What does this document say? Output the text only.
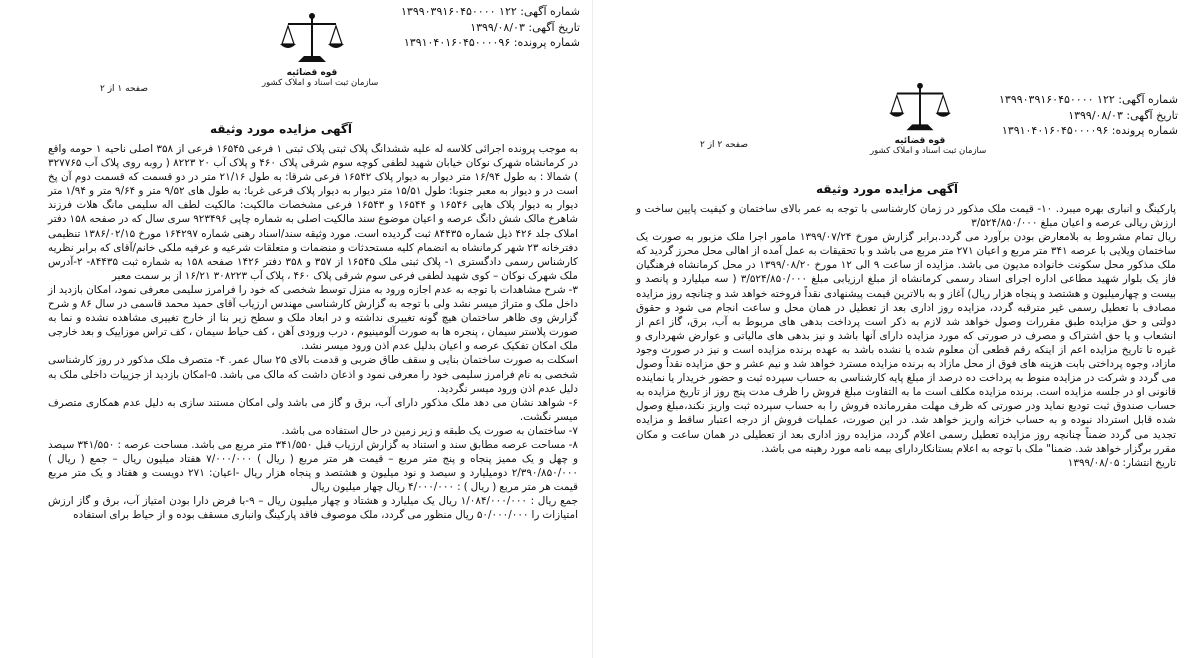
شماره آگهی: ۱۲۲ ۱۳۹۹۰۳۹۱۶۰۴۵۰۰۰۰
تاریخ آگهی: ۱۳۹۹/۰۸/۰۳
شماره پرونده: ۱۳۹۱۰۴۰۱۶۰۴۵۰۰۰۰۹۶
قوه قضائیه
سازمان ثبت اسناد و املاک کشور
صفحه ۱ از ۲
آگهی مزایده مورد وثیقه

به موجب پرونده اجرائی کلاسه له علیه ششدانگ پلاک ثبتی پلاک ثبتی ۱ فرعی ۱۶۵۴۵ فرعی از ۳۵۸ اصلی ناحیه ۱ حومه واقع در کرمانشاه شهرک نوکان خیابان شهید لطفی کوچه سوم شرقی پلاک ۴۶۰ و پلاک آب ۲۰ ۸۲۲۳ ( روبه روی پلاک آب ۳۲۷۷۶۵ ) شمالا : به طول ۱۶/۹۴ متر دیوار به دیوار پلاک ۱۶۵۴۲ فرعی شرقا: به طول ۲۱/۱۶ متر در دو قسمت که قسمت دوم آن پخ است در و دیوار به معبر جنوبا: طول ۱۵/۵۱ متر دیوار به دیوار پلاک فرعی غربا: به طول های ۹/۵۲ متر و ۹/۶۴ متر و ۱/۹۴ متر دیوار به دیوار پلاک هایی ۱۶۵۴۶ و ۱۶۵۴۴ و ۱۶۵۴۳ فرعی مشخصات مالکیت: مالکیت لطف اله سلیمی مانگ هلات فرزند شاهرخ مالک شش دانگ عرصه و اعیان موضوع سند مالکیت اصلی به شماره چاپی ۹۲۳۴۹۶ سری سال که در صفحه ۱۵۸ دفتر املاک جلد ۴۲۶ ذیل شماره ۸۴۴۳۵ ثبت گردیده است. مورد وثیقه سند/اسناد رهنی شماره ۱۶۴۲۹۷ مورخ ۱۳۸۶/۰۲/۱۵ تنظیمی دفترخانه ۲۳ شهر کرمانشاه به انضمام کلیه مستحدثات و منضمات و متعلقات شرعیه و عرفیه ملکی خانم/آقای که برابر نظریه کارشناس رسمی دادگستری ۱- پلاک ثبتی ملک ۱۶۵۴۵ از ۳۵۷ و ۳۵۸ دفتر ۱۴۲۶ صفحه ۱۵۸ به شماره ثبت ۸۴۴۳۵- ۲-آدرس ملک شهرک نوکان – کوی شهید لطفی فرعی سوم شرقی پلاک ۴۶۰ ، پلاک آب ۳۰۸۲۲۳ ۱۶/۲۱ از بر سمت معبر

۳- شرح مشاهدات با توجه به عدم اجازه ورود به منزل توسط شخصی که خود را فرامرز سلیمی معرفی نمود، امکان بازدید از داخل ملک و متراژ میسر نشد ولی با توجه به گزارش کارشناسی مهندس ارزیاب آقای حمید محمد قاسمی در سال ۸۶ و شرح گزارش وی ظاهر ساختمان هیچ گونه تغییری نداشته و در ابعاد ملک و سطح زیر بنا از خارج تغییری مشاهده نشده و نما به صورت پلاستر سیمان ، پنجره ها به صورت آلومینیوم ، درب ورودی آهن ، کف حیاط سیمان ، کف تراس موزاییک و بعد خارجی ملک امکان تفکیک عرصه و اعیان بدلیل عدم اذن ورود میسر نشد.

اسکلت به صورت ساختمان بنایی و سقف طاق ضربی و قدمت بالای ۲۵ سال عمر. ۴- متصرف ملک مذکور در روز کارشناسی شخصی به نام فرامرز سلیمی خود را معرفی نمود و اذعان داشت که مالک می باشد. ۵-امکان بازدید از جزییات داخلی ملک به دلیل عدم اذن ورود میسر نگردید.

۶- شواهد نشان می دهد ملک مذکور دارای آب، برق و گاز می باشد ولی امکان مستند سازی به دلیل عدم همکاری متصرف میسر نگشت.

۷- ساختمان به صورت یک طبقه و زیر زمین در حال استفاده می باشد.

۸- مساحت عرصه مطابق سند و استناد به گزارش ارزیاب قبل ۳۴۱/۵۵۰ متر مربع می باشد. مساحت عرصه : ۳۴۱/۵۵۰ سیصد و چهل و یک ممیز پنجاه و پنج متر مربع – قیمت هر متر مربع ( ریال ) ۷/۰۰۰/۰۰۰ هفتاد میلیون ریال – جمع ( ریال ) ۲/۳۹۰/۸۵۰/۰۰۰ دومیلیارد و سیصد و نود میلیون و هشتصد و پنجاه هزار ریال -اعیان: ۲۷۱ دویست و هفتاد و یک متر مربع قیمت هر متر مربع ( ریال ) : ۴/۰۰۰/۰۰۰ ریال چهار میلیون ریال

جمع ریال : ۱/۰۸۴/۰۰۰/۰۰۰ ریال یک میلیارد و هشتاد و چهار میلیون ریال – ۹-با فرض دارا بودن امتیاز آب، برق و گاز ارزش امتیازات را ۵۰/۰۰۰/۰۰۰ ریال منظور می گردد، ملک موصوف فاقد پارکینگ وانباری مسقف بوده و از حیاط برای استفاده

شماره آگهی: ۱۲۲ ۱۳۹۹۰۳۹۱۶۰۴۵۰۰۰۰
تاریخ آگهی: ۱۳۹۹/۰۸/۰۳
شماره پرونده: ۱۳۹۱۰۴۰۱۶۰۴۵۰۰۰۰۹۶
قوه قضائیه
سازمان ثبت اسناد و املاک کشور
صفحه ۲ از ۲
آگهی مزایده مورد وثیقه

پارکینگ و انباری بهره میبرد. ۱۰- قیمت ملک مذکور در زمان کارشناسی با توجه به عمر بالای ساختمان و کیفیت پایین ساخت و ارزش ریالی عرصه و اعیان مبلغ ۳/۵۲۴/۸۵۰/۰۰۰

ریال تمام مشروط به بلامعارض بودن برآورد می گردد.برابر گزارش مورخ ۱۳۹۹/۰۷/۲۴ مامور اجرا ملک مزبور به صورت یک ساختمان ویلایی با عرصه ۳۴۱ متر مربع و اعیان ۲۷۱ متر مربع می باشد و با تحقیقات به عمل آمده از اهالی محل محرز گردید که ملک مذکور محل سکونت خانواده مدیون می باشد. مزایده از ساعت ۹ الی ۱۲ مورخ ۱۳۹۹/۰۸/۲۰ در محل کرمانشاه فرهنگیان فاز یک بلوار شهید مطاعی اداره اجرای اسناد رسمی کرمانشاه از مبلغ ارزیابی مبلغ ۳/۵۲۴/۸۵۰/۰۰۰ ( سه میلیارد و پانصد و بیست و چهارمیلیون و هشتصد و پنجاه هزار ریال) آغاز و به بالاترین قیمت پیشنهادی نقداً فروخته خواهد شد و چنانچه روز مزایده مصادف با تعطیل رسمی غیر مترقبه گردد، مزایده روز اداری بعد از تعطیل در همان محل و ساعت انجام می شود و حقوق دولتی و حق مزایده طبق مقررات وصول خواهد شد لازم به ذکر است پرداخت بدهی های مربوط به آب، برق، گاز اعم از انشعاب و یا حق اشتراک و مصرف در صورتی که مورد مزایده دارای آنها باشد و نیز بدهی های مالیاتی و عوارض شهرداری و غیره تا تاریخ مزایده اعم از اینکه رقم قطعی آن معلوم شده یا نشده باشد به عهده برنده مزایده است و نیز در صورت وجود مازاد، وجوه پرداختی بابت هزینه های فوق از محل مازاد به برنده مزایده مسترد خواهد شد و نیم عشر و حق مزایده نقداً وصول می گردد و شرکت در مزایده منوط به پرداخت ده درصد از مبلغ پایه کارشناسی به حساب سپرده ثبت و حضور خریدار یا نماینده قانونی او در جلسه مزایده است. برنده مزایده مکلف است ما به التفاوت مبلغ فروش را ظرف مدت پنج روز از تاریخ مزایده به حساب صندوق ثبت تودیع نماید ودر صورتی که ظرف مهلت مقررمانده فروش را به حساب سپرده ثبت واریز نکند،مبلغ وصول شده قابل استرداد نبوده و به حساب خزانه واریز خواهد شد. در این صورت، عملیات فروش از درجه اعتبار ساقط و مزایده تجدید می گردد ضمناً چنانچه روز مزایده تعطیل رسمی اعلام گردد، مزایده روز اداری بعد از تعطیلی در همان ساعت و مکان مقرر برگزار خواهد شد. ضمنا" ملک با توجه به اعلام بستانکاردارای بیمه نامه مورد رهینه می باشد.

تاریخ انتشار: ۱۳۹۹/۰۸/۰۵
